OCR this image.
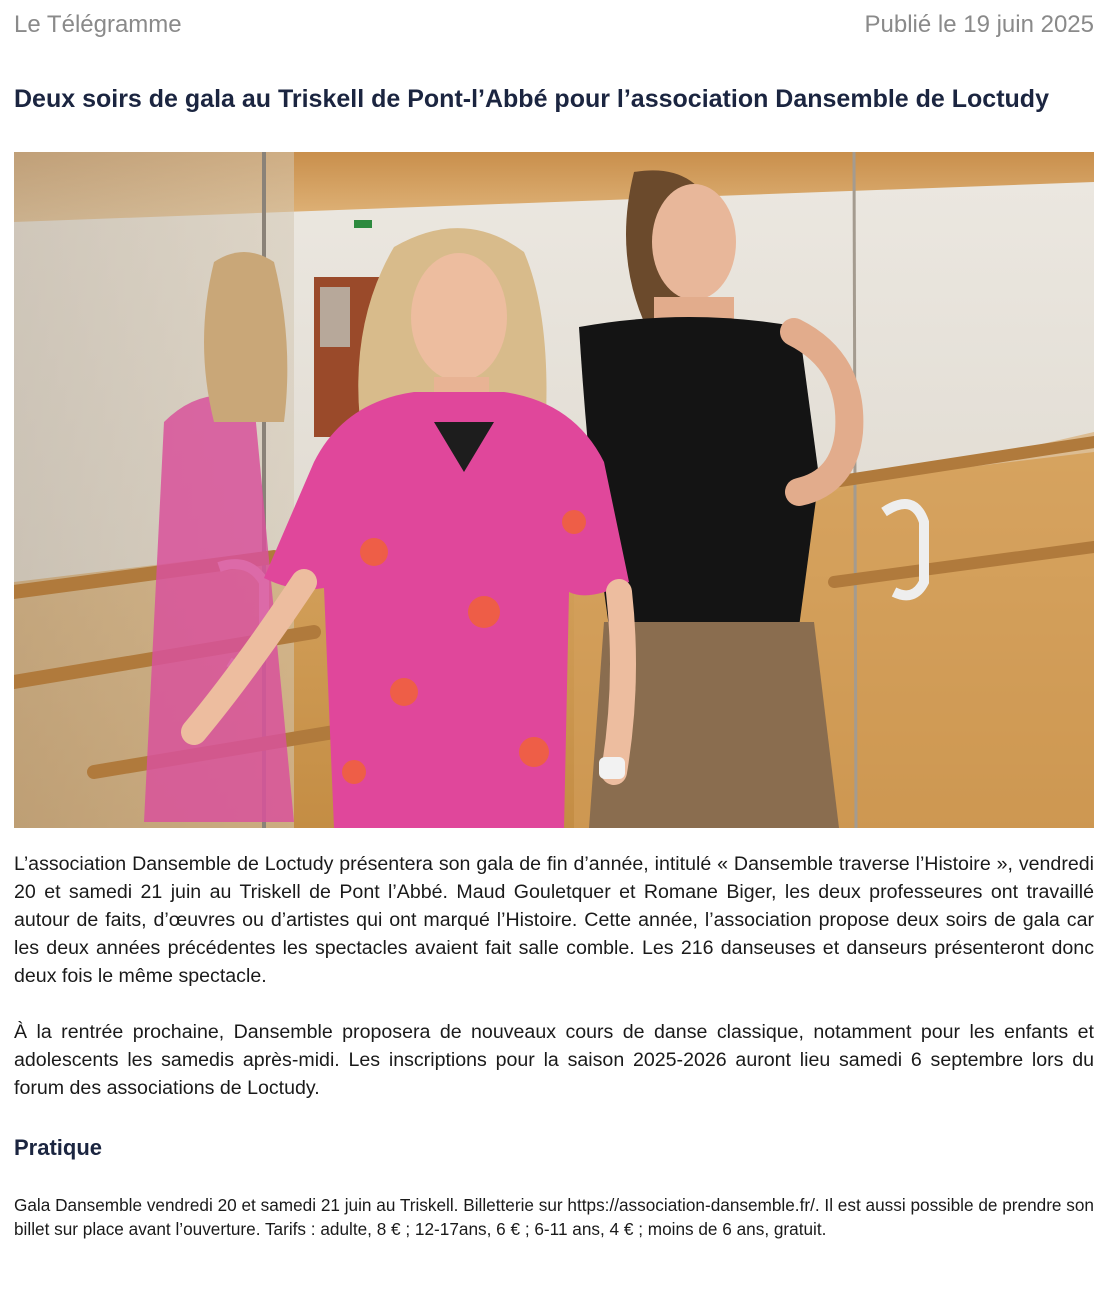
Le Télégramme	Publié le 19 juin 2025
Deux soirs de gala au Triskell de Pont-l’Abbé pour l’association Dansemble de Loctudy

L’association Dansemble de Loctudy présentera son gala de fin d’année, intitulé « Dansemble traverse l’Histoire », vendredi 20 et samedi 21 juin au Triskell de Pont l’Abbé. Maud Gouletquer et Romane Biger, les deux professeures ont travaillé autour de faits, d’œuvres ou d’artistes qui ont marqué l’Histoire. Cette année, l’association propose deux soirs de gala car les deux années précédentes les spectacles avaient fait salle comble. Les 216 danseuses et danseurs présenteront donc deux fois le même spectacle.

À la rentrée prochaine, Dansemble proposera de nouveaux cours de danse classique, notamment pour les enfants et adolescents les samedis après-midi. Les inscriptions pour la saison 2025-2026 auront lieu samedi 6 septembre lors du forum des associations de Loctudy.

Pratique

Gala Dansemble vendredi 20 et samedi 21 juin au Triskell. Billetterie sur https://association-dansemble.fr/. Il est aussi possible de prendre son billet sur place avant l’ouverture. Tarifs : adulte, 8 € ; 12-17ans, 6 € ; 6-11 ans, 4 € ; moins de 6 ans, gratuit.
